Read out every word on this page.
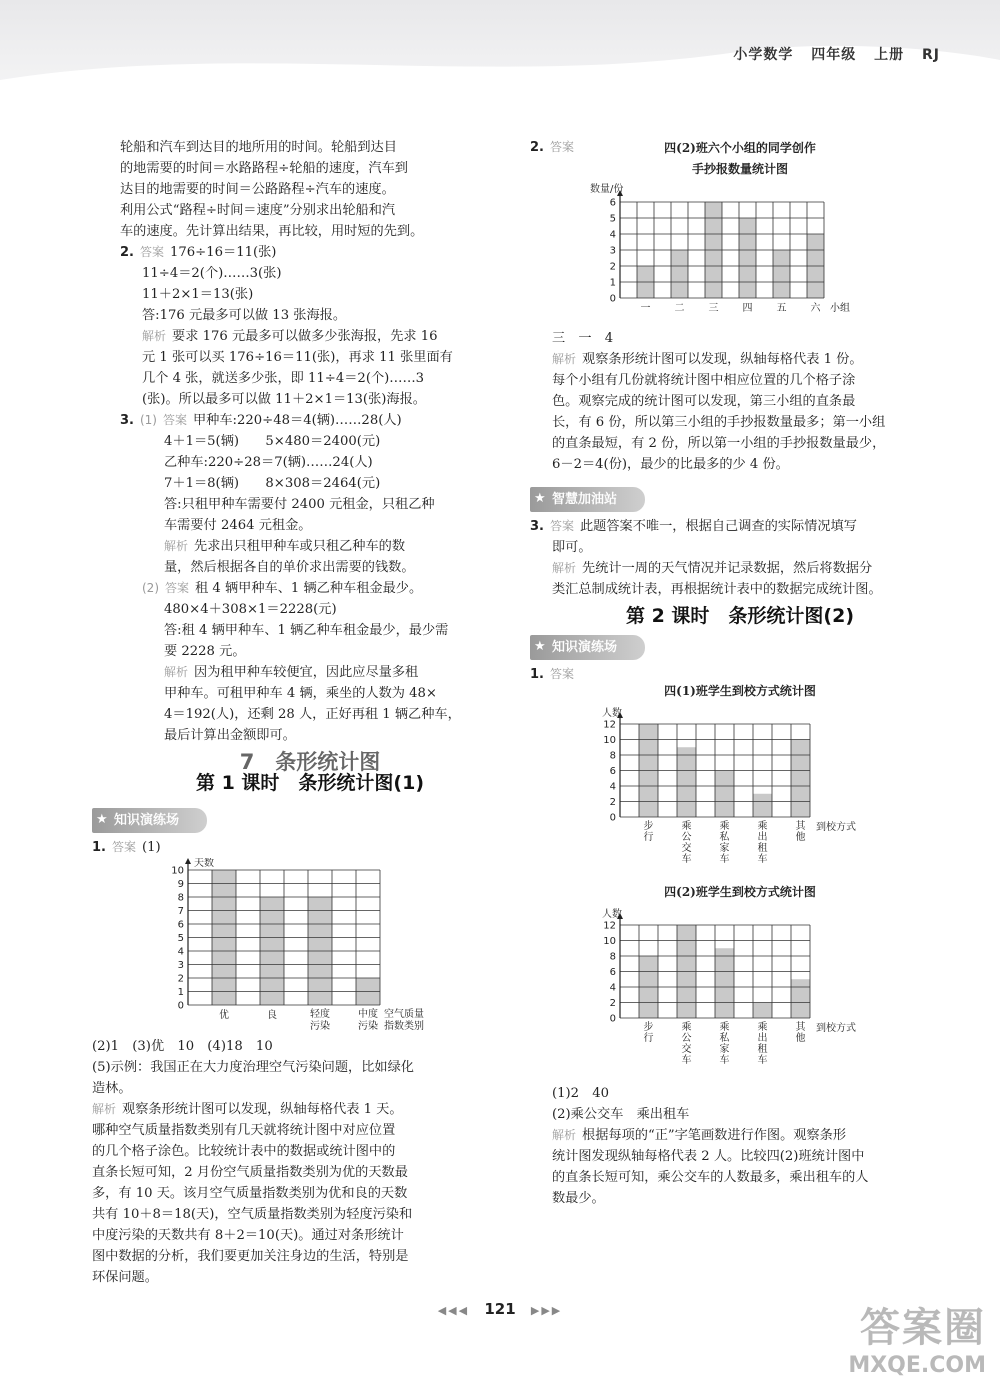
小学数学 四年级 上册 RJ
轮船和汽车到达目的地所用的时间。轮船到达目
的地需要的时间＝水路路程÷轮船的速度，汽车到
达目的地需要的时间＝公路路程÷汽车的速度。
利用公式“路程÷时间＝速度”分别求出轮船和汽
车的速度。先计算出结果，再比较，用时短的先到。
2. 答案 176÷16＝11(张)
11÷4＝2(个)……3(张)
11＋2×1＝13(张)
答:176 元最多可以做 13 张海报。
解析 要求 176 元最多可以做多少张海报，先求 16
元 1 张可以买 176÷16＝11(张)，再求 11 张里面有
几个 4 张，就送多少张，即 11÷4＝2(个)……3
(张)。所以最多可以做 11＋2×1＝13(张)海报。
3. (1) 答案 甲种车:220÷48＝4(辆)……28(人)
4＋1＝5(辆)　　5×480＝2400(元)
乙种车:220÷28＝7(辆)……24(人)
7＋1＝8(辆)　　8×308＝2464(元)
答:只租甲种车需要付 2400 元租金，只租乙种
车需要付 2464 元租金。
解析 先求出只租甲种车或只租乙种车的数
量，然后根据各自的单价求出需要的钱数。
(2) 答案 租 4 辆甲种车、1 辆乙种车租金最少。
480×4＋308×1＝2228(元)
答:租 4 辆甲种车、1 辆乙种车租金最少，最少需
要 2228 元。
解析 因为租甲种车较便宜，因此应尽量多租
甲种车。可租甲种车 4 辆，乘坐的人数为 48×
4＝192(人)，还剩 28 人，正好再租 1 辆乙种车，
最后计算出金额即可。
7　条形统计图
第 1 课时　条形统计图(1)
★ 知识演练场
1. 答案 (1)
0
1
2
3
4
5
6
7
8
9
10
天数
优	良	轻度
污染
中度
污染
空气质量
指数类别
(2)1　(3)优　10　(4)18　10
(5)示例：我国正在大力度治理空气污染问题，比如绿化
造林。
解析 观察条形统计图可以发现，纵轴每格代表 1 天。
哪种空气质量指数类别有几天就将统计图中对应位置
的几个格子涂色。比较统计表中的数据或统计图中的
直条长短可知，2 月份空气质量指数类别为优的天数最
多，有 10 天。该月空气质量指数类别为优和良的天数
共有 10＋8＝18(天)，空气质量指数类别为轻度污染和
中度污染的天数共有 8＋2＝10(天)。通过对条形统计
图中数据的分析，我们要更加关注身边的生活，特别是
环保问题。
2. 答案	四(2)班六个小组的同学创作
手抄报数量统计图
0
1
2
3
4
5
6
数量/份
一 二 三 四 五 六 小组
三　一　4
解析 观察条形统计图可以发现，纵轴每格代表 1 份。
每个小组有几份就将统计图中相应位置的几个格子涂
色。观察完成的统计图可以发现，第三小组的直条最
长，有 6 份，所以第三小组的手抄报数量最多；第一小组
的直条最短，有 2 份，所以第一小组的手抄报数量最少，
6－2＝4(份)，最少的比最多的少 4 份。
★ 智慧加油站
3. 答案 此题答案不唯一，根据自己调查的实际情况填写
即可。
解析 先统计一周的天气情况并记录数据，然后将数据分
类汇总制成统计表，再根据统计表中的数据完成统计图。
第 2 课时　条形统计图(2)
★ 知识演练场
1. 答案
四(1)班学生到校方式统计图
0
2
4
6
8
10
12
人数
步
行
乘
公
交
车
乘
私
家
车
乘
出
租
车
其
他
到校方式
四(2)班学生到校方式统计图
0
2
4
6
8
10
12
人数
步
行
乘
公
交
车
乘
私
家
车
乘
出
租
车
其
他
到校方式
(1)2　40
(2)乘公交车　乘出租车
解析 根据每项的“正”字笔画数进行作图。观察条形
统计图发现纵轴每格代表 2 人。比较四(2)班统计图中
的直条长短可知，乘公交车的人数最多，乘出租车的人
数最少。
◀◀◀ 121 ▶▶▶	答案圈
MXQE.COM
